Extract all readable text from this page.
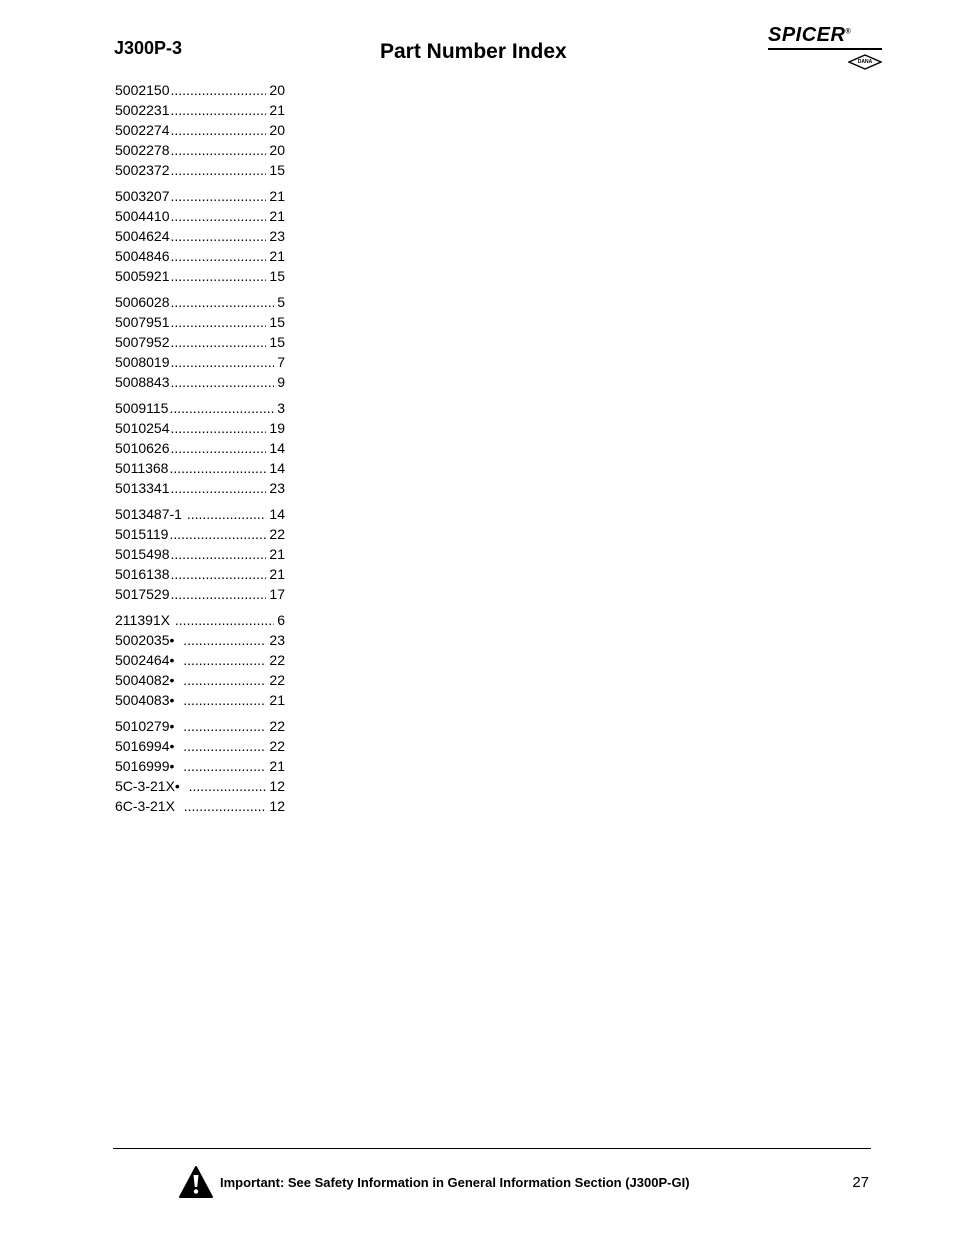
J300P-3	Part Number Index
SPICER®
DANA
5002150 .....	20
5002231 .....	21
5002274 .....	20
5002278 .....	20
5002372 .....	15
5003207 .....	21
5004410 .....	21
5004624 .....	23
5004846 .....	21
5005921 .....	15
5006028 .....	5
5007951 .....	15
5007952 .....	15
5008019 .....	7
5008843 .....	9
5009115 .....	3
5010254 .....	19
5010626 .....	14
5011368 .....	14
5013341 .....	23
5013487-1 .....	14
5015119 .....	22
5015498 .....	21
5016138 .....	21
5017529 .....	17
211391X .....	6
5002035• .....	23
5002464• .....	22
5004082• .....	22
5004083• .....	21
5010279• .....	22
5016994• .....	22
5016999• .....	21
5C-3-21X• .....	12
6C-3-21X .....	12
Important: See Safety Information in General Information Section (J300P-GI)	27
